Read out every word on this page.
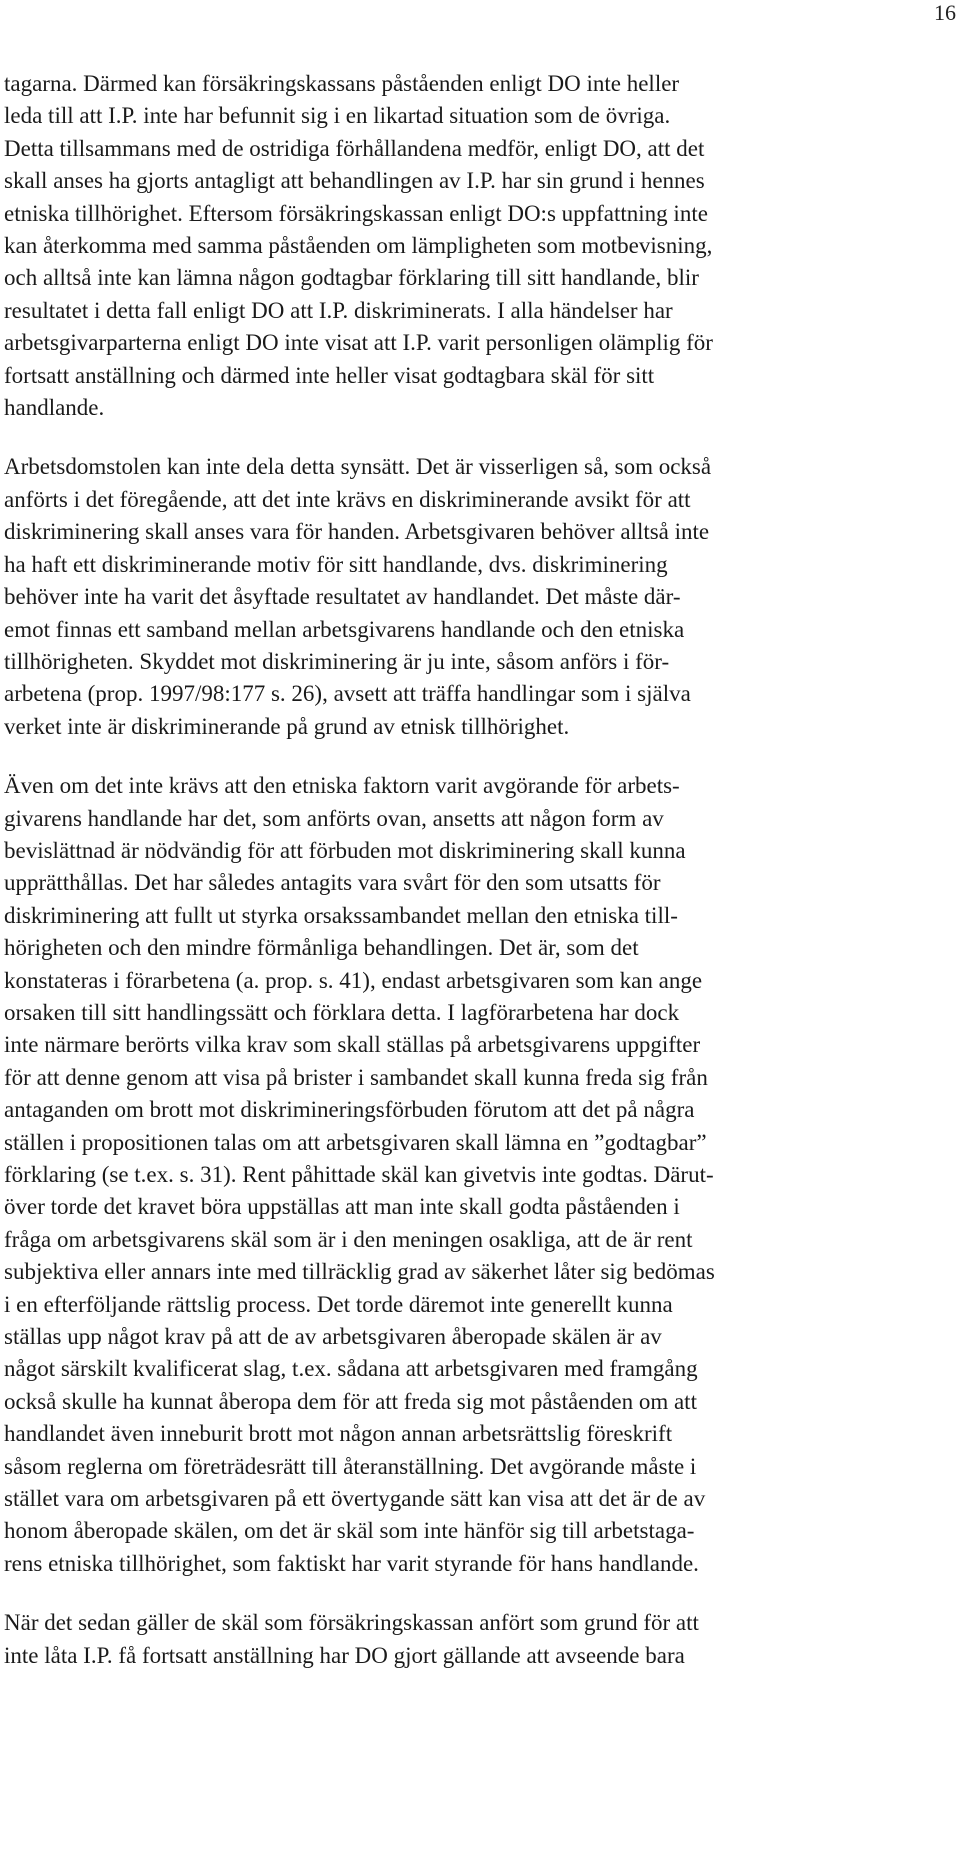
16

tagarna. Därmed kan försäkringskassans påståenden enligt DO inte heller
leda till att I.P. inte har befunnit sig i en likartad situation som de övriga.
Detta tillsammans med de ostridiga förhållandena medför, enligt DO, att det
skall anses ha gjorts antagligt att behandlingen av I.P. har sin grund i hennes
etniska tillhörighet. Eftersom försäkringskassan enligt DO:s uppfattning inte
kan återkomma med samma påståenden om lämpligheten som motbevisning,
och alltså inte kan lämna någon godtagbar förklaring till sitt handlande, blir
resultatet i detta fall enligt DO att I.P. diskriminerats. I alla händelser har
arbetsgivarparterna enligt DO inte visat att I.P. varit personligen olämplig för
fortsatt anställning och därmed inte heller visat godtagbara skäl för sitt
handlande.

Arbetsdomstolen kan inte dela detta synsätt. Det är visserligen så, som också
anförts i det föregående, att det inte krävs en diskriminerande avsikt för att
diskriminering skall anses vara för handen. Arbetsgivaren behöver alltså inte
ha haft ett diskriminerande motiv för sitt handlande, dvs. diskriminering
behöver inte ha varit det åsyftade resultatet av handlandet. Det måste där-
emot finnas ett samband mellan arbetsgivarens handlande och den etniska
tillhörigheten. Skyddet mot diskriminering är ju inte, såsom anförs i för-
arbetena (prop. 1997/98:177 s. 26), avsett att träffa handlingar som i själva
verket inte är diskriminerande på grund av etnisk tillhörighet.

Även om det inte krävs att den etniska faktorn varit avgörande för arbets-
givarens handlande har det, som anförts ovan, ansetts att någon form av
bevislättnad är nödvändig för att förbuden mot diskriminering skall kunna
upprätthållas. Det har således antagits vara svårt för den som utsatts för
diskriminering att fullt ut styrka orsakssambandet mellan den etniska till-
hörigheten och den mindre förmånliga behandlingen. Det är, som det
konstateras i förarbetena (a. prop. s. 41), endast arbetsgivaren som kan ange
orsaken till sitt handlingssätt och förklara detta. I lagförarbetena har dock
inte närmare berörts vilka krav som skall ställas på arbetsgivarens uppgifter
för att denne genom att visa på brister i sambandet skall kunna freda sig från
antaganden om brott mot diskrimineringsförbuden förutom att det på några
ställen i propositionen talas om att arbetsgivaren skall lämna en ”godtagbar”
förklaring (se t.ex. s. 31). Rent påhittade skäl kan givetvis inte godtas. Därut-
över torde det kravet böra uppställas att man inte skall godta påståenden i
fråga om arbetsgivarens skäl som är i den meningen osakliga, att de är rent
subjektiva eller annars inte med tillräcklig grad av säkerhet låter sig bedömas
i en efterföljande rättslig process. Det torde däremot inte generellt kunna
ställas upp något krav på att de av arbetsgivaren åberopade skälen är av
något särskilt kvalificerat slag, t.ex. sådana att arbetsgivaren med framgång
också skulle ha kunnat åberopa dem för att freda sig mot påståenden om att
handlandet även inneburit brott mot någon annan arbetsrättslig föreskrift
såsom reglerna om företrädesrätt till återanställning. Det avgörande måste i
stället vara om arbetsgivaren på ett övertygande sätt kan visa att det är de av
honom åberopade skälen, om det är skäl som inte hänför sig till arbetstaga-
rens etniska tillhörighet, som faktiskt har varit styrande för hans handlande.

När det sedan gäller de skäl som försäkringskassan anfört som grund för att
inte låta I.P. få fortsatt anställning har DO gjort gällande att avseende bara
